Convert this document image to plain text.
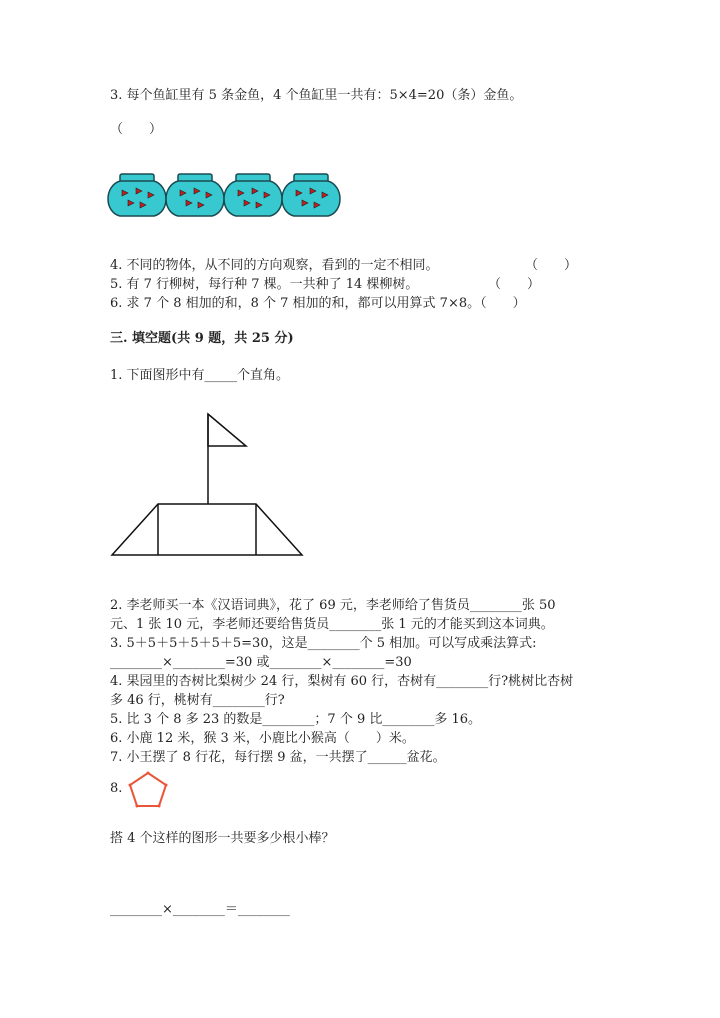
3. 每个鱼缸里有 5 条金鱼，4 个鱼缸里一共有：5×4=20（条）金鱼。
（　　）
4. 不同的物体，从不同的方向观察，看到的一定不相同。	（　　）
5. 有 7 行柳树，每行种 7 棵。一共种了 14 棵柳树。	（　　）
6. 求 7 个 8 相加的和，8 个 7 相加的和，都可以用算式 7×8。（　　）
三. 填空题(共 9 题，共 25 分)
1. 下面图形中有_____个直角。
2. 李老师买一本《汉语词典》，花了 69 元，李老师给了售货员________张 50
元、1 张 10 元，李老师还要给售货员________张 1 元的才能买到这本词典。
3. 5＋5＋5＋5＋5＋5=30，这是________个 5 相加。可以写成乘法算式:
________×________=30 或________×________=30
4. 果园里的杏树比梨树少 24 行，梨树有 60 行，杏树有________行?桃树比杏树
多 46 行，桃树有________行?
5. 比 3 个 8 多 23 的数是________；7 个 9 比________多 16。
6. 小鹿 12 米，猴 3 米，小鹿比小猴高（　　）米。
7. 小王摆了 8 行花，每行摆 9 盆，一共摆了______盆花。
8.
搭 4 个这样的图形一共要多少根小棒？
________×________＝________
